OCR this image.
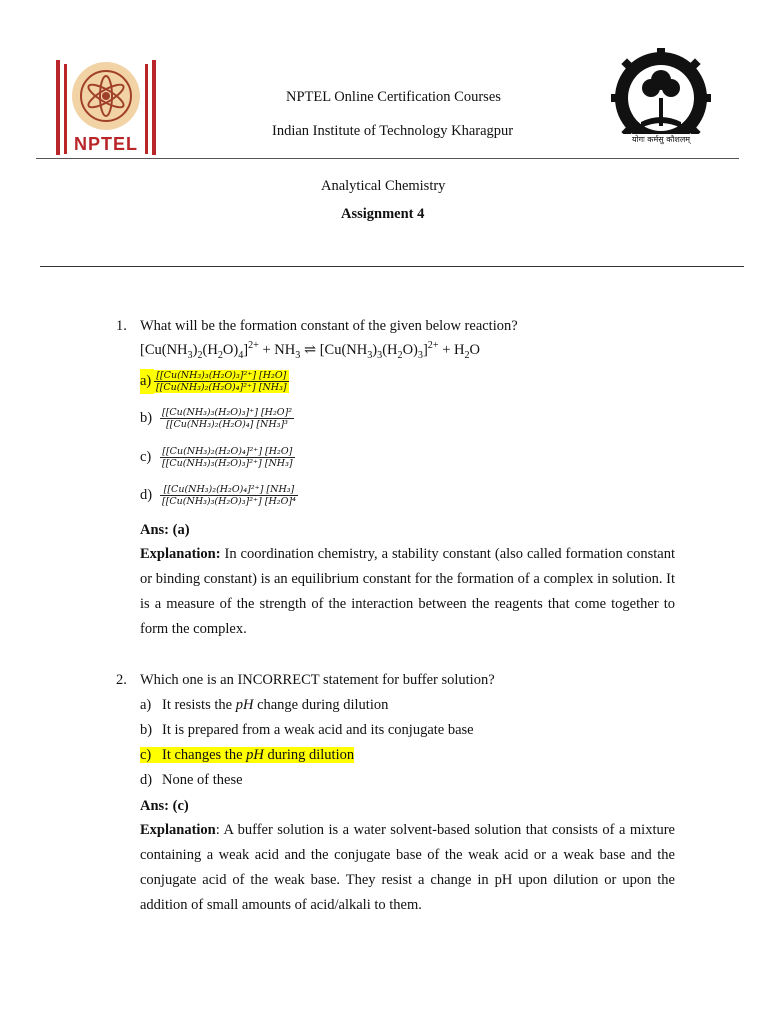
NPTEL
NPTEL Online Certification Courses
Indian Institute of Technology Kharagpur
योगः कर्मसु कौशलम्
Analytical Chemistry
Assignment 4
1. What will be the formation constant of the given below reaction?
$[Cu(NH_3)_2(H_2O)_4]^{2+} + NH_3$ ⇌ $[Cu(NH_3)_3(H_2O)_3]^{2+} + H_2O$
$a) \frac{\text{[[Cu(NH₃)₃(H₂O)₃]²⁺] [H₂O]}}{\text{[[Cu(NH₃)₂(H₂O)₄]²⁺] [NH₃]}}$
$b) \frac{\text{[[Cu(NH₃)₃(H₂O)₃]⁺] [H₂O]²}}{\text{[[Cu(NH₃)₂(H₂O)₄] [NH₃]³}}$
$c) \frac{\text{[[Cu(NH₃)₂(H₂O)₄]²⁺] [H₂O]}}{\text{[[Cu(NH₃)₃(H₂O)₃]²⁺] [NH₃]}}$
$d) \frac{\text{[[Cu(NH₃)₂(H₂O)₄]²⁺] [NH₃]}}{\text{[[Cu(NH₃)₃(H₂O)₃]²⁺] [H₂O]⁴}}$
Ans: (a)
Explanation: In coordination chemistry, a stability constant (also called formation constant or binding constant) is an equilibrium constant for the formation of a complex in solution. It is a measure of the strength of the interaction between the reagents that come together to form the complex.
2. Which one is an INCORRECT statement for buffer solution?
a) It resists the pH change during dilution
b) It is prepared from a weak acid and its conjugate base
c) It changes the pH during dilution
d) None of these
Ans: (c)
Explanation: A buffer solution is a water solvent-based solution that consists of a mixture containing a weak acid and the conjugate base of the weak acid or a weak base and the conjugate acid of the weak base. They resist a change in pH upon dilution or upon the addition of small amounts of acid/alkali to them.
